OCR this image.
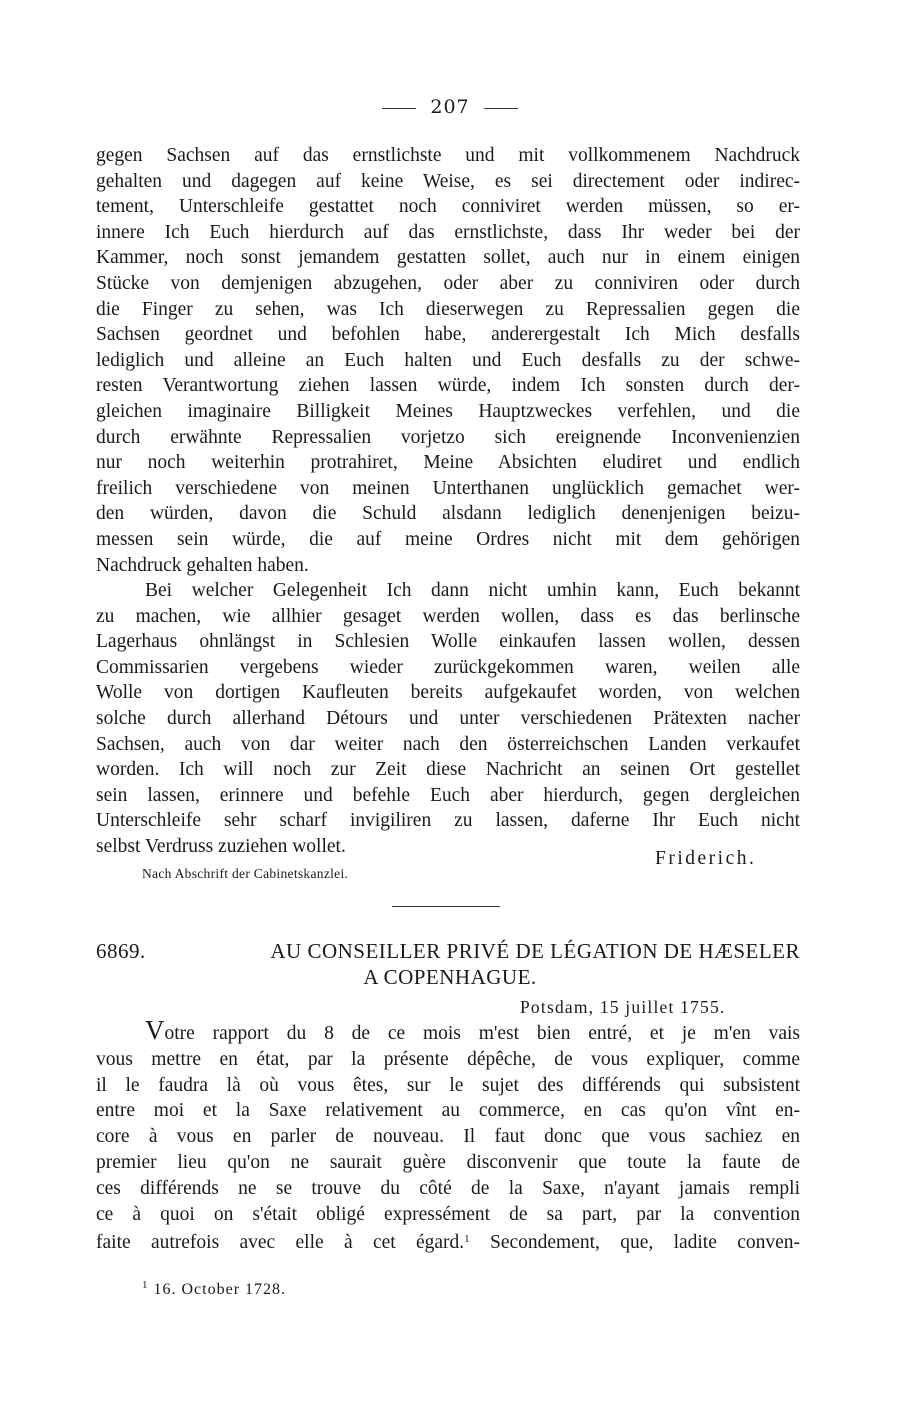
207
gegen Sachsen auf das ernstlichste und mit vollkommenem Nachdruck
gehalten und dagegen auf keine Weise, es sei directement oder indirec-
tement, Unterschleife gestattet noch conniviret werden müssen, so er-
innere Ich Euch hierdurch auf das ernstlichste, dass Ihr weder bei der
Kammer, noch sonst jemandem gestatten sollet, auch nur in einem einigen
Stücke von demjenigen abzugehen, oder aber zu conniviren oder durch
die Finger zu sehen, was Ich dieserwegen zu Repressalien gegen die
Sachsen geordnet und befohlen habe, anderergestalt Ich Mich desfalls
lediglich und alleine an Euch halten und Euch desfalls zu der schwe-
resten Verantwortung ziehen lassen würde, indem Ich sonsten durch der-
gleichen imaginaire Billigkeit Meines Hauptzweckes verfehlen, und die
durch erwähnte Repressalien vorjetzo sich ereignende Inconvenienzien
nur noch weiterhin protrahiret, Meine Absichten eludiret und endlich
freilich verschiedene von meinen Unterthanen unglücklich gemachet wer-
den würden, davon die Schuld alsdann lediglich denenjenigen beizu-
messen sein würde, die auf meine Ordres nicht mit dem gehörigen
Nachdruck gehalten haben.
Bei welcher Gelegenheit Ich dann nicht umhin kann, Euch bekannt
zu machen, wie allhier gesaget werden wollen, dass es das berlinsche
Lagerhaus ohnlängst in Schlesien Wolle einkaufen lassen wollen, dessen
Commissarien vergebens wieder zurückgekommen waren, weilen alle
Wolle von dortigen Kaufleuten bereits aufgekaufet worden, von welchen
solche durch allerhand Détours und unter verschiedenen Prätexten nacher
Sachsen, auch von dar weiter nach den österreichschen Landen verkaufet
worden. Ich will noch zur Zeit diese Nachricht an seinen Ort gestellet
sein lassen, erinnere und befehle Euch aber hierdurch, gegen dergleichen
Unterschleife sehr scharf invigiliren zu lassen, daferne Ihr Euch nicht
selbst Verdruss zuziehen wollet.
Friderich.
Nach Abschrift der Cabinetskanzlei.
6869.	AU CONSEILLER PRIVÉ DE LÉGATION DE HÆSELER
A COPENHAGUE.
Potsdam, 15 juillet 1755.
Votre rapport du 8 de ce mois m'est bien entré, et je m'en vais
vous mettre en état, par la présente dépêche, de vous expliquer, comme
il le faudra là où vous êtes, sur le sujet des différends qui subsistent
entre moi et la Saxe relativement au commerce, en cas qu'on vînt en-
core à vous en parler de nouveau. Il faut donc que vous sachiez en
premier lieu qu'on ne saurait guère disconvenir que toute la faute de
ces différends ne se trouve du côté de la Saxe, n'ayant jamais rempli
ce à quoi on s'était obligé expressément de sa part, par la convention
faite autrefois avec elle à cet égard.$^1$ Secondement, que, ladite conven-
$^1$ 16. October 1728.
